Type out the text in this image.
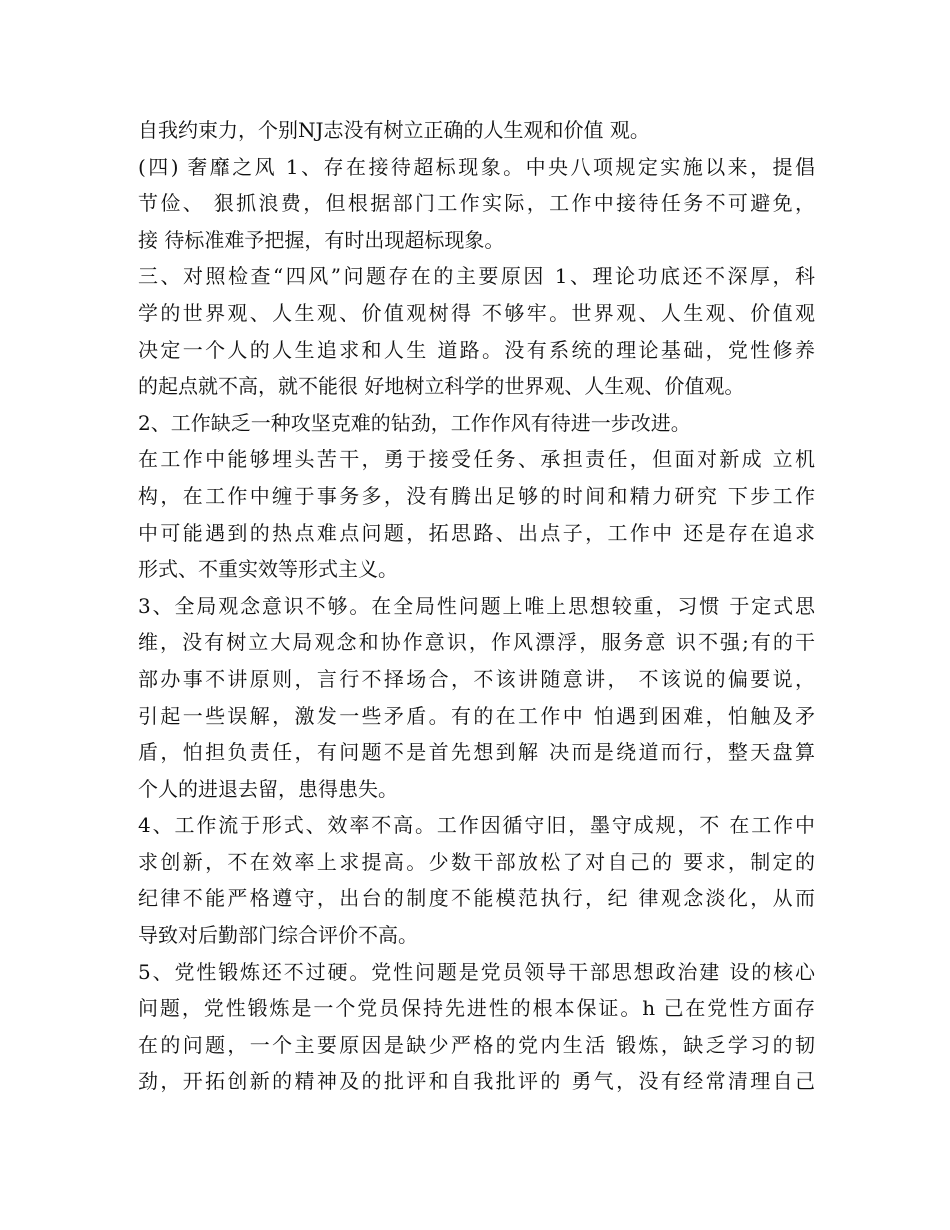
自我约束力，个别NJ志没有树立正确的人生观和价值 观。
(四) 奢靡之风 1、存在接待超标现象。中央八项规定实施以来，提倡
节俭、 狠抓浪费，但根据部门工作实际，工作中接待任务不可避免，
接 待标准难予把握，有时出现超标现象。
三、对照检查“四风”问题存在的主要原因 1、理论功底还不深厚，科
学的世界观、人生观、价值观树得 不够牢。世界观、人生观、价值观
决定一个人的人生追求和人生 道路。没有系统的理论基础，党性修养
的起点就不高，就不能很 好地树立科学的世界观、人生观、价值观。
2、工作缺乏一种攻坚克难的钻劲，工作作风有待进一步改进。
在工作中能够埋头苦干，勇于接受任务、承担责任，但面对新成 立机
构，在工作中缠于事务多，没有腾出足够的时间和精力研究 下步工作
中可能遇到的热点难点问题，拓思路、出点子，工作中 还是存在追求
形式、不重实效等形式主义。
3、全局观念意识不够。在全局性问题上唯上思想较重，习惯 于定式思
维，没有树立大局观念和协作意识，作风漂浮，服务意 识不强;有的干
部办事不讲原则，言行不择场合，不该讲随意讲， 不该说的偏要说，
引起一些误解，激发一些矛盾。有的在工作中 怕遇到困难，怕触及矛
盾，怕担负责任，有问题不是首先想到解 决而是绕道而行，整天盘算
个人的进退去留，患得患失。
4、工作流于形式、效率不高。工作因循守旧，墨守成规，不 在工作中
求创新，不在效率上求提高。少数干部放松了对自己的 要求，制定的
纪律不能严格遵守，出台的制度不能模范执行，纪 律观念淡化，从而
导致对后勤部门综合评价不高。
5、党性锻炼还不过硬。党性问题是党员领导干部思想政治建 设的核心
问题，党性锻炼是一个党员保持先进性的根本保证。h 己在党性方面存
在的问题，一个主要原因是缺少严格的党内生活 锻炼，缺乏学习的韧
劲，开拓创新的精神及的批评和自我批评的 勇气，没有经常清理自己
